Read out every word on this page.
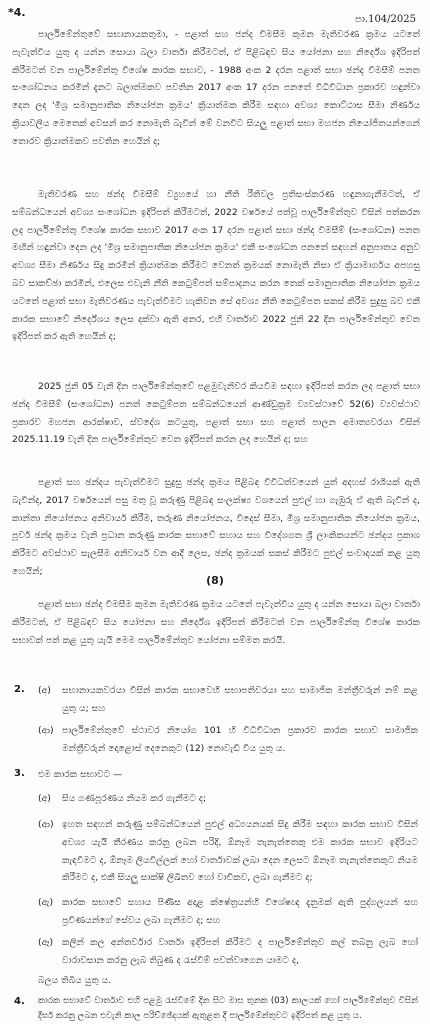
*4.
පා.104/2025

පාර්ලිමේන්තුවේ සභානායකතුමා, - පළාත් සහ ජන්ද විමසීම කුමන මැතිවරණ ක්‍රමය යටතේ පැවැත්විය යුතු ද යන්න සොයා බලා වාර්තා කිරීමටත්, ඒ පිළිබඳව සිය යෝජනා සහ නිර්දේශ ඉදිරිපත් කිරීමටත් වන පාර්ලිමේන්තු විශේෂ කාරක සභාව, - 1988 අංක 2 දරන පළාත් සභා ඡන්ද විමසීම් පනත සංශෝධනය කරමින් දැනට බලාත්මකව පවතින 2017 අංක 17 දරන පනතේ විධිවිධාන ප්‍රකාරව හඳුන්වා දෙන ලද 'මිශ්‍ර සමානුපාතික නියෝජන ක්‍රමය' ක්‍රියාත්මක කිරීම සඳහා අවශ්‍ය කොට්ඨාස සීමා නිර්ණය ක්‍රියාවලිය මෙතෙක් අවසන් කර නොමැති බැවින් මේ වනවිට සියලු පළාත් සභා මහජන නියෝජිතයන්ගෙන් තොරව ක්‍රියාත්මකව පවතින හෙයින් ද;

මැතිවරණ සහ ඡන්ද විමසීම් ව්‍යුහයේ හා නීති රීතිවල ප්‍රතිසංස්කරණ හඳුනාගැනීමටත්, ඒ සම්බන්ධයෙන් අවශ්‍ය සංශෝධන ඉදිරිපත් කිරීමටත්, 2022 වර්ෂයේ පත්වූ පාර්ලිමේන්තුව විසින් පත්කරන ලද පාර්ලිමේන්තු විශේෂ කාරක සභාව 2017 අංක 17 දරන පළාත් සභා ඡන්ද විමසීම් (සංශෝධන) පනත මඟින් හඳුන්වා දෙන ලද 'මිශ්‍ර සමානුපාතික නියෝජන ක්‍රමය' එකී සංශෝධන පනතේ සඳහන් අනුපාතය අනුව අවශ්‍ය සීමා නිර්ණය සිදු කරමින් ක්‍රියාත්මක කිරීමට වෙනත් ක්‍රමයක් නොමැති නිසා ඒ ක්‍රියාමාර්ගය අපහසු බව සාකච්ඡා කරමින්, එලෙස එවැනි නීති කෙටුම්පත් සම්පාදනය කරන තෙක් සමානුපාතික නියෝජන ක්‍රමය යටතේ පළාත් සභා මැතිවරණය පැවැත්වීමට හැකිවන සේ අවශ්‍ය නීති කෙටුම්පත සකස් කිරීම සුදුසු බව එකී කාරක සභාවේ නිර්දේශය ලෙස දක්වා ඇති අතර, එහි වාර්තාව 2022 ජුනි 22 දින පාර්ලිමේන්තුව වෙත ඉදිරිපත් කර ඇති හෙයින් ද;

2025 ජුනි 05 වැනි දින පාර්ලිමේන්තුවේ පළමුවැනිවර කියවීම සඳහා ඉදිරිපත් කරන ලද පළාත් සභා ඡන්ද විමසීම් (සංශෝධන) පනත් කෙටුම්පත සම්බන්ධයෙන් ආණ්ඩුක්‍රම ව්‍යවස්ථාවේ 52(6) ව්‍යවස්ථාව ප්‍රකාරව මහජන ආරක්ෂාව, ස්වදේශ කටයුතු, පළාත් සභා සහ පළාත් පාලන අමාත්‍යවරයා විසින් 2025.11.19 වැනි දින පාර්ලිමේන්තුව වෙත ඉදිරිපත් කරන ලද හෙයින් ද; සහ

පළාත් සහ ඡන්දය පැවැත්වීමට සුදුසු ඡන්ද ක්‍රමය පිළිබඳ විවිධත්වයෙන් යුත් අදහස් රාශියක් ඇති බැවින්ද, 2017 වර්ෂයෙන් පසු මතු වූ කරුණු පිළිබඳ සංලක්ෂ්‍ය වශයෙන් පුළුල් හා ගැඹුරු ඒ ඇති බැවින් ද, කාන්තා නියෝජනය අනිවාර්ය කිරීම, තරුණ නියෝජනය, විදෙස් සීමා, මිශ්‍ර සමානුපාතික නියෝජන ක්‍රමය, පූර්ව ඡන්ද ක්‍රමය වැනි ප්‍රධාන කරුණු කාරක සභාවේ සහාය සහ විදේශගත ශ්‍රී ලාංකිකයන්ට ඡන්දය ප්‍රකාශ කිරීමට අවස්ථාව සැලසීම අනිවාර්ය වන ආදී ලෙස, ඡන්ද ක්‍රමයක් සකස් කිරීමට පුළුල් සංවාදයක් කළ යුතු හෙයින්;

(8)

පළාත් සභා ඡන්ද විමසීම කුමන මැතිවරණ ක්‍රමය යටතේ පැවැත්විය යුතු ද යන්න සොයා බලා වාර්තා කිරීමටත්, ඒ පිළිබඳව සිය යෝජනා සහ නිර්දේශ ඉදිරිපත් කිරීමටත් වන පාර්ලිමේන්තු විශේෂ කාරක සභාවක් පත් කළ යුතු යැයි මෙම පාර්ලිමේන්තුව යෝජනා සම්මත කරයි.

2. (අ) සභානායකවරයා විසින් කාරක සභාවෙහි සභාපතිවරයා සහ සාමාජික මන්ත්‍රීවරුන් නම් කළ යුතු ය; සහ
(ආ) පාර්ලිමේන්තුවේ ස්ථාවර නියෝග 101 හි විධිවිධාන ප්‍රකාරව කාරක සභාව සාමාජික මන්ත්‍රීවරුන් දොළොස් දෙනෙකුට (12) නොවැඩි විය යුතු ය.
3. එම කාරක සභාවට —
(අ) සිය ගණපූරණය නියම කර ගැනීමට ද;
(ආ) ඉහත සඳහන් කරුණු සම්බන්ධයෙන් පුළුල් අධ්‍යයනයක් සිදු කිරීම සඳහා කාරක සභාව විසින් අවශ්‍ය යැයි තීරණය කරනු ලබන පරිදි, ඕනෑම තැනැත්තෙකු එම කාරක සභාව ඉදිරියට කැඳවීමට ද, ඕනෑම ලියවිල්ලක් හෝ වාර්තාවක් ලබා දෙන ලෙසට ඕනෑම තැනැත්තෙකුට නියම කිරීමට ද, එකී සියලු සාක්ෂි ලිඛිතව හෝ වාචිකව, ලබා ගැනීමට ද;
(ඇ) කාරක සභාවේ සහාය පිණිස අදාළ ක්ෂේත්‍රයන්හි විශේෂඥ දැනුමක් ඇති පුද්ගලයන් සහ ප්‍රවීණයන්ගේ සේවය ලබා ගැනීමට ද; සහ
(ඈ) කලින් කල අන්තර්වාර වාර්තා ඉදිරිපත් කිරීමට ද පාර්ලිමේන්තුව කල් තබනු ලැබ හෝ වාරාවසාන කරනු ලැබ තිබුණ ද රැස්වීම් පවත්වාගෙන යාමට ද,
බලය තිබිය යුතු ය.
4. කාරක සභාවේ වාර්තාව එහි පළමු රැස්වීමේ දින සිට මාස තුනක (03) කාලයක් හෝ පාර්ලිමේන්තුව විසින් දීර්ඝ කරනු ලබන එවැනි කාල පරිච්ඡේදයක් ඇතුළත දී පාර්ලිමේන්තුවට ඉදිරිපත් කළ යුතු ය.
